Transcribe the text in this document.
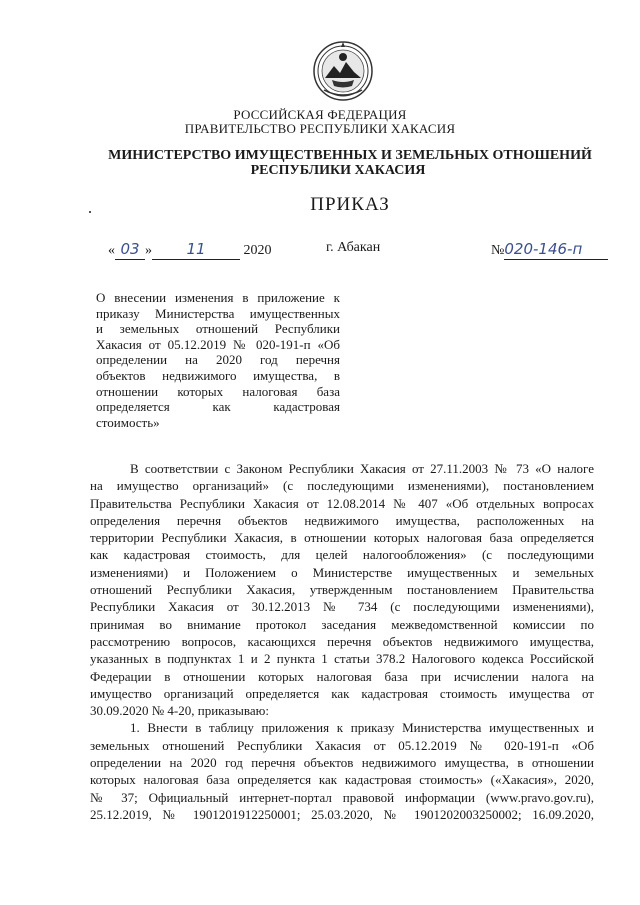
РОССИЙСКАЯ ФЕДЕРАЦИЯ
ПРАВИТЕЛЬСТВО РЕСПУБЛИКИ ХАКАСИЯ
МИНИСТЕРСТВО ИМУЩЕСТВЕННЫХ И ЗЕМЕЛЬНЫХ ОТНОШЕНИЙ
РЕСПУБЛИКИ ХАКАСИЯ
ПРИКАЗ
« 03 » 11	2020	г. Абакан	№020-146-п
О внесении изменения в приложение к
приказу Министерства имущественных
и земельных отношений Республики
Хакасия от 05.12.2019 № 020-191-п «Об
определении на 2020 год перечня
объектов недвижимого имущества, в
отношении которых налоговая база
определяется как кадастровая
стоимость»
В соответствии с Законом Республики Хакасия от 27.11.2003 № 73 «О налоге
на имущество организаций» (с последующими изменениями), постановлением
Правительства Республики Хакасия от 12.08.2014 № 407 «Об отдельных вопросах
определения перечня объектов недвижимого имущества, расположенных на
территории Республики Хакасия, в отношении которых налоговая база определяется
как кадастровая стоимость, для целей налогообложения» (с последующими
изменениями) и Положением о Министерстве имущественных и земельных
отношений Республики Хакасия, утвержденным постановлением Правительства
Республики Хакасия от 30.12.2013 № 734 (с последующими изменениями),
принимая во внимание протокол заседания межведомственной комиссии по
рассмотрению вопросов, касающихся перечня объектов недвижимого имущества,
указанных в подпунктах 1 и 2 пункта 1 статьи 378.2 Налогового кодекса Российской
Федерации в отношении которых налоговая база при исчислении налога на
имущество организаций определяется как кадастровая стоимость имущества от
30.09.2020 № 4-20, приказываю:
1. Внести в таблицу приложения к приказу Министерства имущественных и
земельных отношений Республики Хакасия от 05.12.2019 № 020-191-п «Об
определении на 2020 год перечня объектов недвижимого имущества, в отношении
которых налоговая база определяется как кадастровая стоимость» («Хакасия», 2020,
№ 37; Официальный интернет-портал правовой информации (www.pravo.gov.ru),
25.12.2019, № 1901201912250001; 25.03.2020, № 1901202003250002; 16.09.2020,
